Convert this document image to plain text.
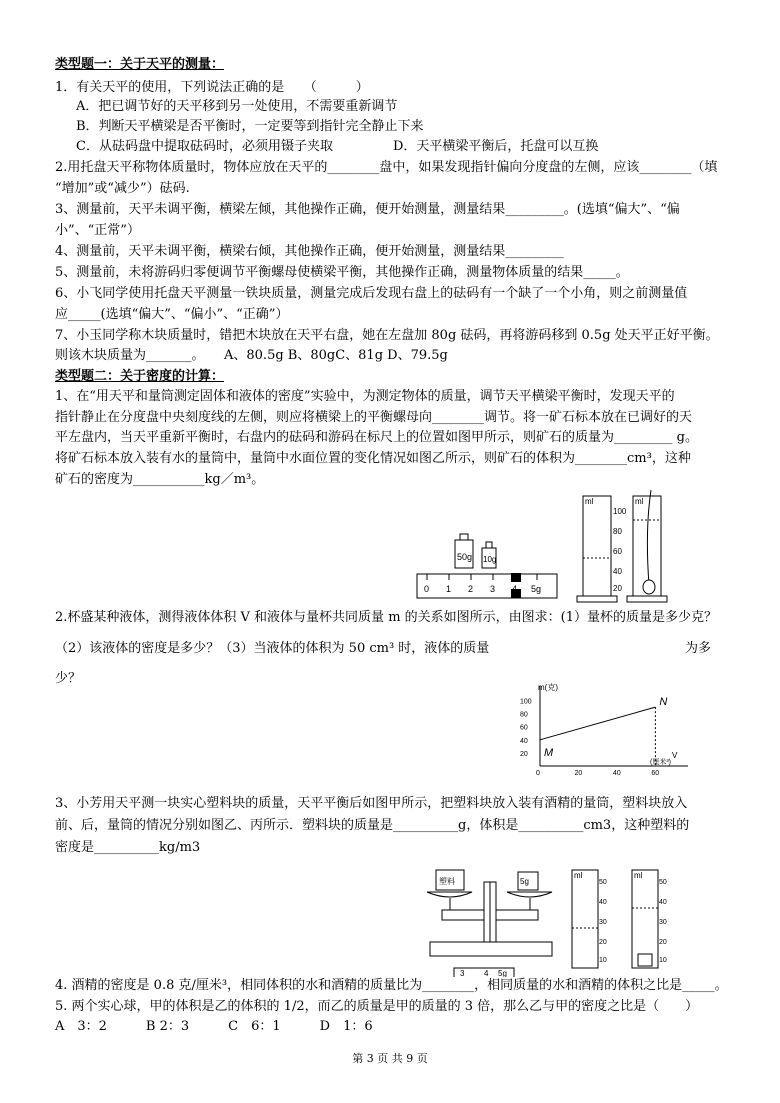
类型题一：关于天平的测量：
1．有关天平的使用，下列说法正确的是　　（　　　）
A．把已调节好的天平移到另一处使用，不需要重新调节
B．判断天平横梁是否平衡时，一定要等到指针完全静止下来
C．从砝码盘中提取砝码时，必须用镊子夹取	D．天平横梁平衡后，托盘可以互换
2.用托盘天平称物体质量时，物体应放在天平的________盘中，如果发现指针偏向分度盘的左侧，应该________（填
“增加”或“减少”）砝码.
3、测量前，天平未调平衡，横梁左倾，其他操作正确，便开始测量，测量结果_________。(选填“偏大”、“偏
小”、“正常”）
4、测量前，天平未调平衡，横梁右倾，其他操作正确，便开始测量，测量结果_________
5、测量前，未将游码归零便调节平衡螺母使横梁平衡，其他操作正确，测量物体质量的结果_____。
6、小飞同学使用托盘天平测量一铁块质量，测量完成后发现右盘上的砝码有一个缺了一个小角，则之前测量值
应_____(选填“偏大”、“偏小”、“正确”）
7、小玉同学称木块质量时，错把木块放在天平右盘，她在左盘加 80g 砝码，再将游码移到 0.5g 处天平正好平衡。
则该木块质量为_______。　　A、80.5g B、80gC、81g D、79.5g
类型题二：关于密度的计算：
1、在“用天平和量筒测定固体和液体的密度”实验中，为测定物体的质量，调节天平横梁平衡时，发现天平的
指针静止在分度盘中央刻度线的左侧，则应将横梁上的平衡螺母向________调节。将一矿石标本放在已调好的天
平左盘内，当天平重新平衡时，右盘内的砝码和游码在标尺上的位置如图甲所示，则矿石的质量为_________ g。
将矿石标本放入装有水的量筒中，量筒中水面位置的变化情况如图乙所示，则矿石的体积为________cm³，这种
矿石的密度为___________kg／m³。
50g 10g
0 1 2 3	5g
ml
100
80
60
40
20
ml
2.杯盛某种液体，测得液体体积 V 和液体与量杯共同质量 m 的关系如图所示，由图求：(1）量杯的质量是多少克？
（2）该液体的密度是多少？（3）当液体的体积为 50 cm³ 时，液体的质量	为多
少？
m(克)
V
(厘米³)
20
40
60
80
100
0	20	40	60
N
M
3、小芳用天平测一块实心塑料块的质量，天平平衡后如图甲所示，把塑料块放入装有酒精的量筒，塑料块放入
前、后，量筒的情况分别如图乙、丙所示．塑料块的质量是__________g，体积是__________cm3，这种塑料的
密度是__________kg/m3
塑料	5g
3 4 5g
ml
50
40
30
20
10
ml
50
40
30
20
10
4. 酒精的密度是 0.8 克/厘米³，相同体积的水和酒精的质量比为________，相同质量的水和酒精的体积之比是_____。
5. 两个实心球，甲的体积是乙的体积的 1/2，而乙的质量是甲的质量的 3 倍，那么乙与甲的密度之比是（　　）
A　3：2　　　B 2：3　　　C　6：1　　　D　1：6
第 3 页 共 9 页
